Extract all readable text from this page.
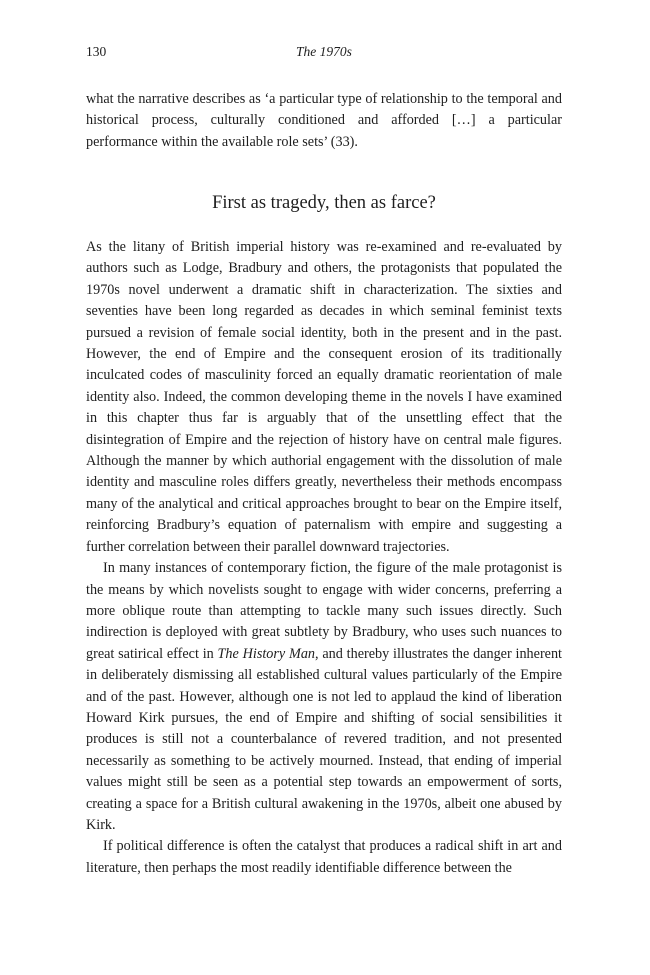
130	The 1970s

what the narrative describes as ‘a particular type of relationship to the temporal and historical process, culturally conditioned and afforded […] a particular performance within the available role sets’ (33).

First as tragedy, then as farce?

As the litany of British imperial history was re-examined and re-evaluated by authors such as Lodge, Bradbury and others, the protagonists that populated the 1970s novel underwent a dramatic shift in characterization. The sixties and seventies have been long regarded as decades in which seminal feminist texts pursued a revision of female social identity, both in the present and in the past. However, the end of Empire and the consequent erosion of its traditionally inculcated codes of masculinity forced an equally dramatic reorientation of male identity also. Indeed, the common developing theme in the novels I have examined in this chapter thus far is arguably that of the unsettling effect that the disintegration of Empire and the rejection of history have on central male figures. Although the manner by which authorial engagement with the dissolution of male identity and masculine roles differs greatly, nevertheless their methods encompass many of the analytical and critical approaches brought to bear on the Empire itself, reinforcing Bradbury’s equation of paternalism with empire and suggesting a further correlation between their parallel downward trajectories.

In many instances of contemporary fiction, the figure of the male protagonist is the means by which novelists sought to engage with wider concerns, preferring a more oblique route than attempting to tackle many such issues directly. Such indirection is deployed with great subtlety by Bradbury, who uses such nuances to great satirical effect in The History Man, and thereby illustrates the danger inherent in deliberately dismissing all established cultural values particularly of the Empire and of the past. However, although one is not led to applaud the kind of liberation Howard Kirk pursues, the end of Empire and shifting of social sensibilities it produces is still not a counterbalance of revered tradition, and not presented necessarily as something to be actively mourned. Instead, that ending of imperial values might still be seen as a potential step towards an empowerment of sorts, creating a space for a British cultural awakening in the 1970s, albeit one abused by Kirk.

If political difference is often the catalyst that produces a radical shift in art and literature, then perhaps the most readily identifiable difference between the
